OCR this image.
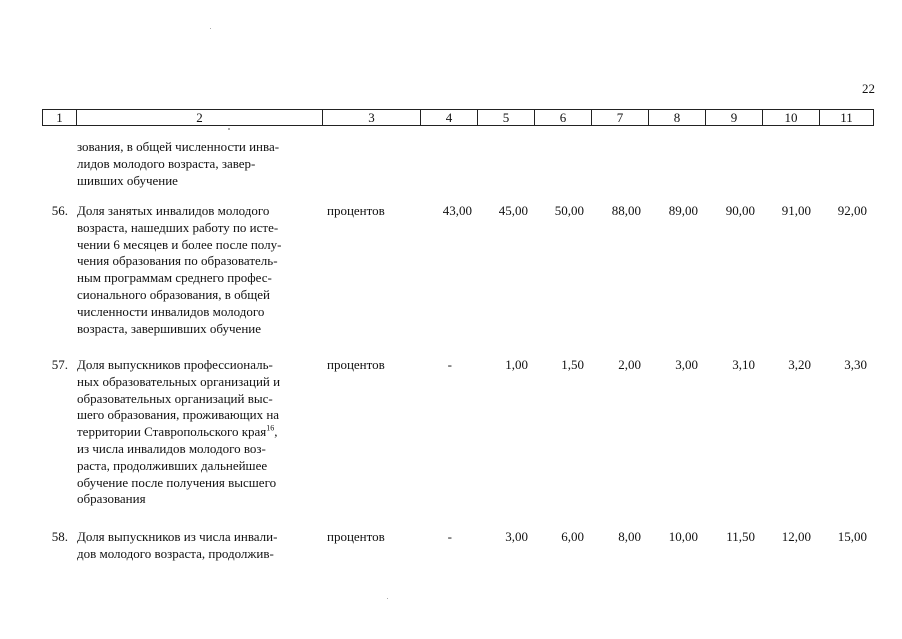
22
1	2	3	4	5	6	7	8	9	10	11
зования, в общей численности инва-
лидов молодого возраста, завер-
шивших обучение
56. Доля занятых инвалидов молодого
возраста, нашедших работу по исте-
чении 6 месяцев и более после полу-
чения образования по образователь-
ным программам среднего профес-
сионального образования, в общей
численности инвалидов молодого
возраста, завершивших обучение
процентов	43,00	45,00	50,00	88,00	89,00	90,00	91,00	92,00
57. Доля выпускников профессиональ-
ных образовательных организаций и
образовательных организаций выс-
шего образования, проживающих на
территории Ставропольского края$^{16}$,
из числа инвалидов молодого воз-
раста, продолживших дальнейшее
обучение после получения высшего
образования
процентов	-	1,00	1,50	2,00	3,00	3,10	3,20	3,30
58. Доля выпускников из числа инвали-
дов молодого возраста, продолжив-
процентов	-	3,00	6,00	8,00	10,00	11,50	12,00	15,00
